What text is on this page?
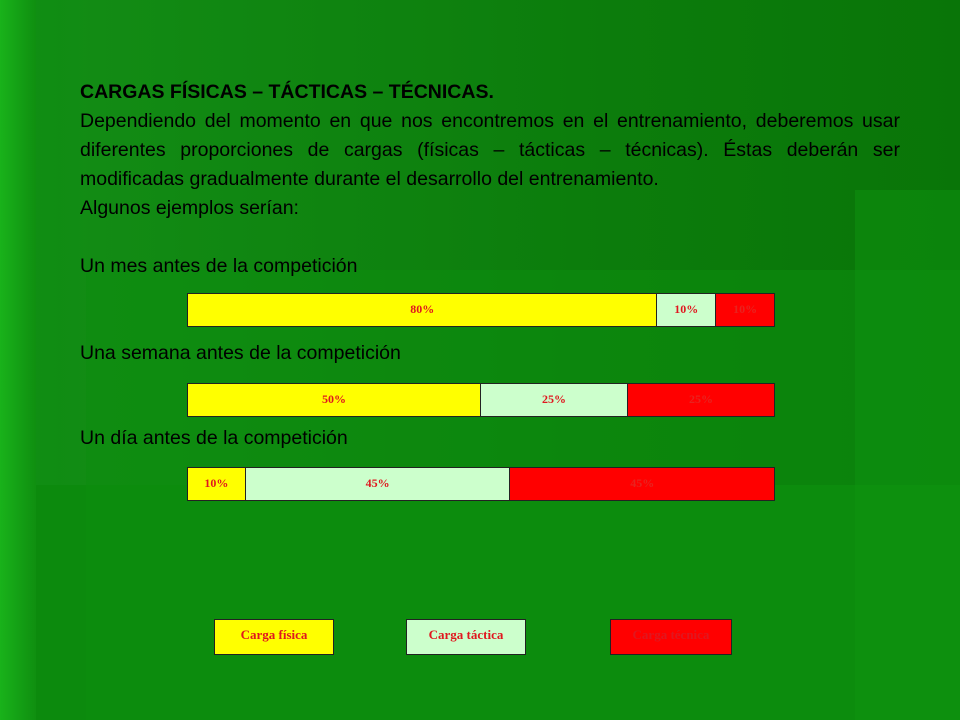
CARGAS FÍSICAS – TÁCTICAS – TÉCNICAS.

Dependiendo del momento en que nos encontremos en el entrenamiento, deberemos usar diferentes proporciones de cargas (físicas – tácticas – técnicas). Éstas deberán ser modificadas gradualmente durante el desarrollo del entrenamiento.

Algunos ejemplos serían:

Un mes antes de la competición
80%	10%	10%
Una semana antes de la competición
50%	25%	25%
Un día antes de la competición
10%	45%	45%
Carga física	Carga táctica	Carga técnica
